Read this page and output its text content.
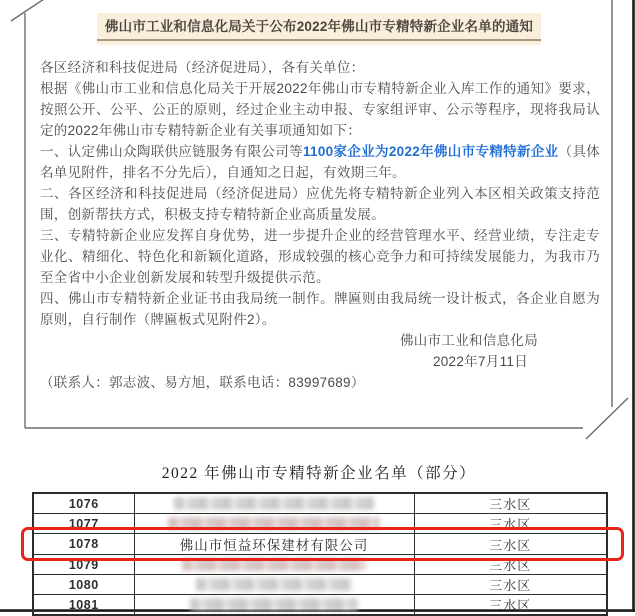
佛山市工业和信息化局关于公布2022年佛山市专精特新企业名单的通知

各区经济和科技促进局（经济促进局），各有关单位：

根据《佛山市工业和信息化局关于开展2022年佛山市专精特新企业入库工作的通知》要求，按照公开、公平、公正的原则，经过企业主动申报、专家组评审、公示等程序，现将我局认定的2022年佛山市专精特新企业有关事项通知如下：

一、认定佛山众陶联供应链服务有限公司等1100家企业为2022年佛山市专精特新企业（具体名单见附件，排名不分先后），自通知之日起，有效期三年。

二、各区经济和科技促进局（经济促进局）应优先将专精特新企业列入本区相关政策支持范围，创新帮扶方式，积极支持专精特新企业高质量发展。

三、专精特新企业应发挥自身优势，进一步提升企业的经营管理水平、经营业绩，专注走专业化、精细化、特色化和新颖化道路，形成较强的核心竞争力和可持续发展能力，为我市乃至全省中小企业创新发展和转型升级提供示范。

四、佛山市专精特新企业证书由我局统一制作。牌匾则由我局统一设计板式，各企业自愿为原则，自行制作（牌匾板式见附件2）。

佛山市工业和信息化局

2022年7月11日

（联系人：郭志波、易方旭，联系电话：83997689）

2022 年佛山市专精特新企业名单（部分）
1076		三水区
1077		三水区
1078	佛山市恒益环保建材有限公司	三水区
1079		三水区
1080		三水区
1081		三水区
